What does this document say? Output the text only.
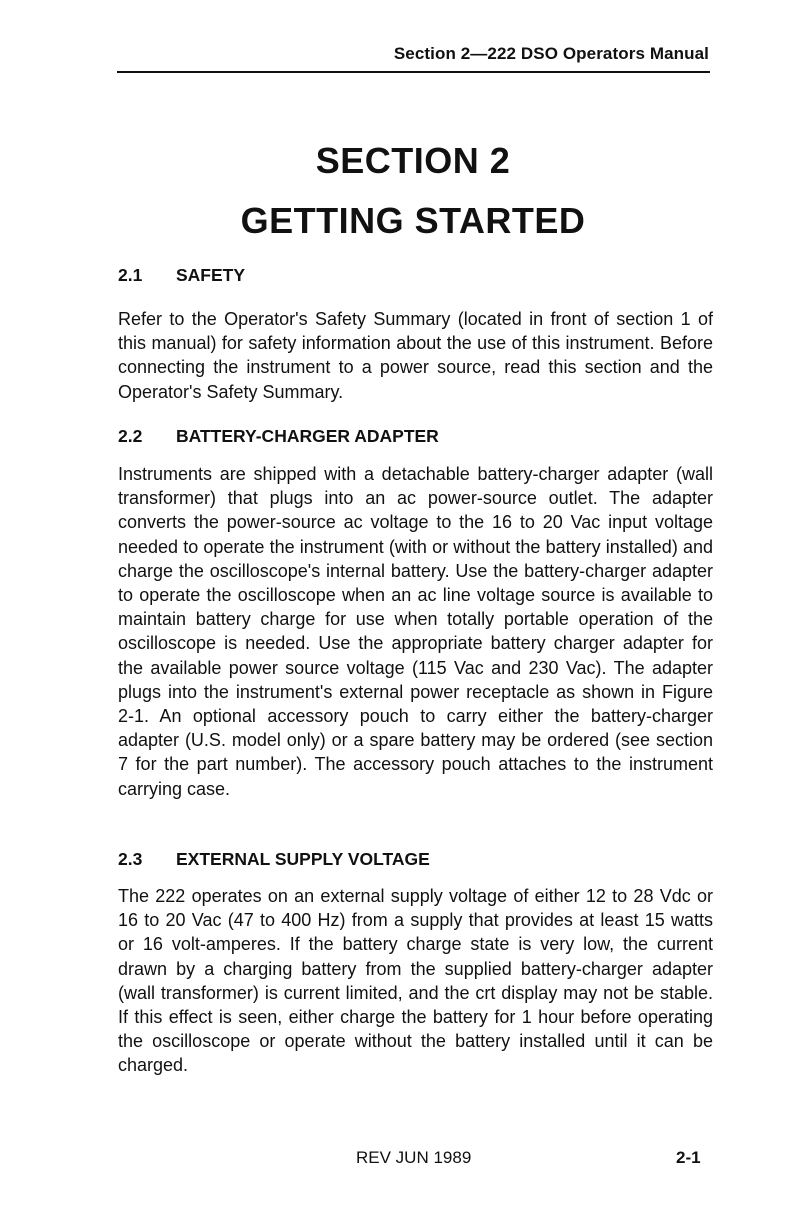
Section 2—222 DSO Operators Manual
SECTION 2
GETTING STARTED
2.1 SAFETY

Refer to the Operator's Safety Summary (located in front of section 1 of this manual) for safety information about the use of this instrument. Before connecting the instrument to a power source, read this section and the Operator's Safety Summary.

2.2 BATTERY-CHARGER ADAPTER

Instruments are shipped with a detachable battery-charger adapter (wall transformer) that plugs into an ac power-source outlet. The adapter converts the power-source ac voltage to the 16 to 20 Vac input voltage needed to operate the instrument (with or without the battery installed) and charge the oscilloscope's internal battery. Use the battery-charger adapter to operate the oscilloscope when an ac line voltage source is available to maintain battery charge for use when totally portable operation of the oscilloscope is needed. Use the appropriate battery charger adapter for the available power source voltage (115 Vac and 230 Vac). The adapter plugs into the instrument's external power receptacle as shown in Figure 2-1. An optional accessory pouch to carry either the battery-charger adapter (U.S. model only) or a spare battery may be ordered (see section 7 for the part number). The accessory pouch attaches to the instrument carrying case.

2.3 EXTERNAL SUPPLY VOLTAGE

The 222 operates on an external supply voltage of either 12 to 28 Vdc or 16 to 20 Vac (47 to 400 Hz) from a supply that provides at least 15 watts or 16 volt-amperes. If the battery charge state is very low, the current drawn by a charging battery from the supplied battery-charger adapter (wall transformer) is current limited, and the crt display may not be stable. If this effect is seen, either charge the battery for 1 hour before operating the oscilloscope or operate without the battery installed until it can be charged.

REV JUN 1989	2-1
